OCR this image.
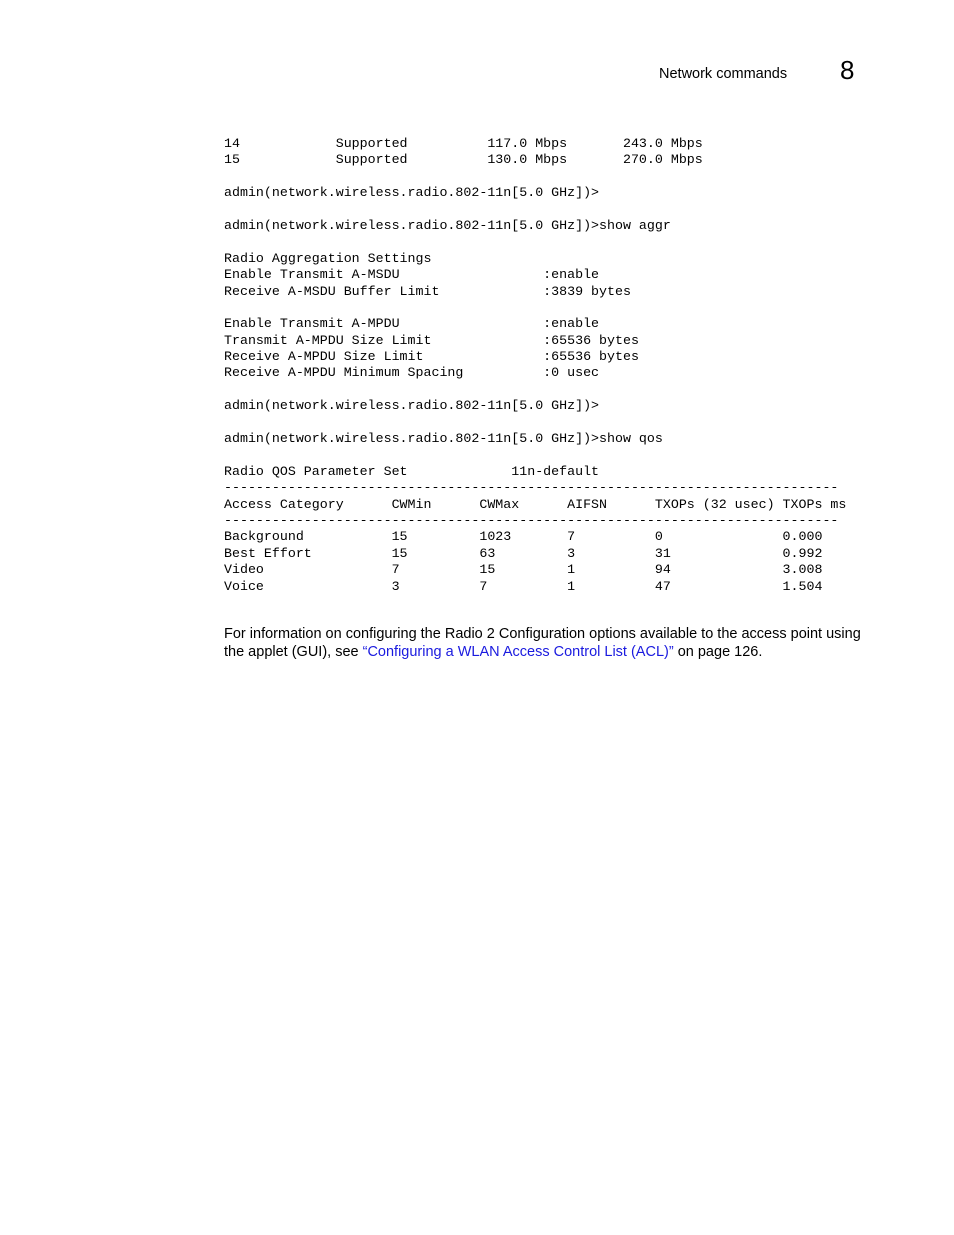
Network commands 8
14            Supported          117.0 Mbps       243.0 Mbps
15            Supported          130.0 Mbps       270.0 Mbps
admin(network.wireless.radio.802-11n[5.0 GHz])>
admin(network.wireless.radio.802-11n[5.0 GHz])>show aggr
Radio Aggregation Settings
Enable Transmit A-MSDU                  :enable
Receive A-MSDU Buffer Limit             :3839 bytes
Enable Transmit A-MPDU                  :enable
Transmit A-MPDU Size Limit              :65536 bytes
Receive A-MPDU Size Limit               :65536 bytes
Receive A-MPDU Minimum Spacing          :0 usec
admin(network.wireless.radio.802-11n[5.0 GHz])>
admin(network.wireless.radio.802-11n[5.0 GHz])>show qos
Radio QOS Parameter Set             11n-default
-----------------------------------------------------------------------------
Access Category      CWMin      CWMax      AIFSN      TXOPs (32 usec) TXOPs ms
-----------------------------------------------------------------------------
Background           15         1023       7          0               0.000
Best Effort          15         63         3          31              0.992
Video                7          15         1          94              3.008
Voice                3          7          1          47              1.504

For information on configuring the Radio 2 Configuration options available to the access point using the applet (GUI), see “Configuring a WLAN Access Control List (ACL)” on page 126.
